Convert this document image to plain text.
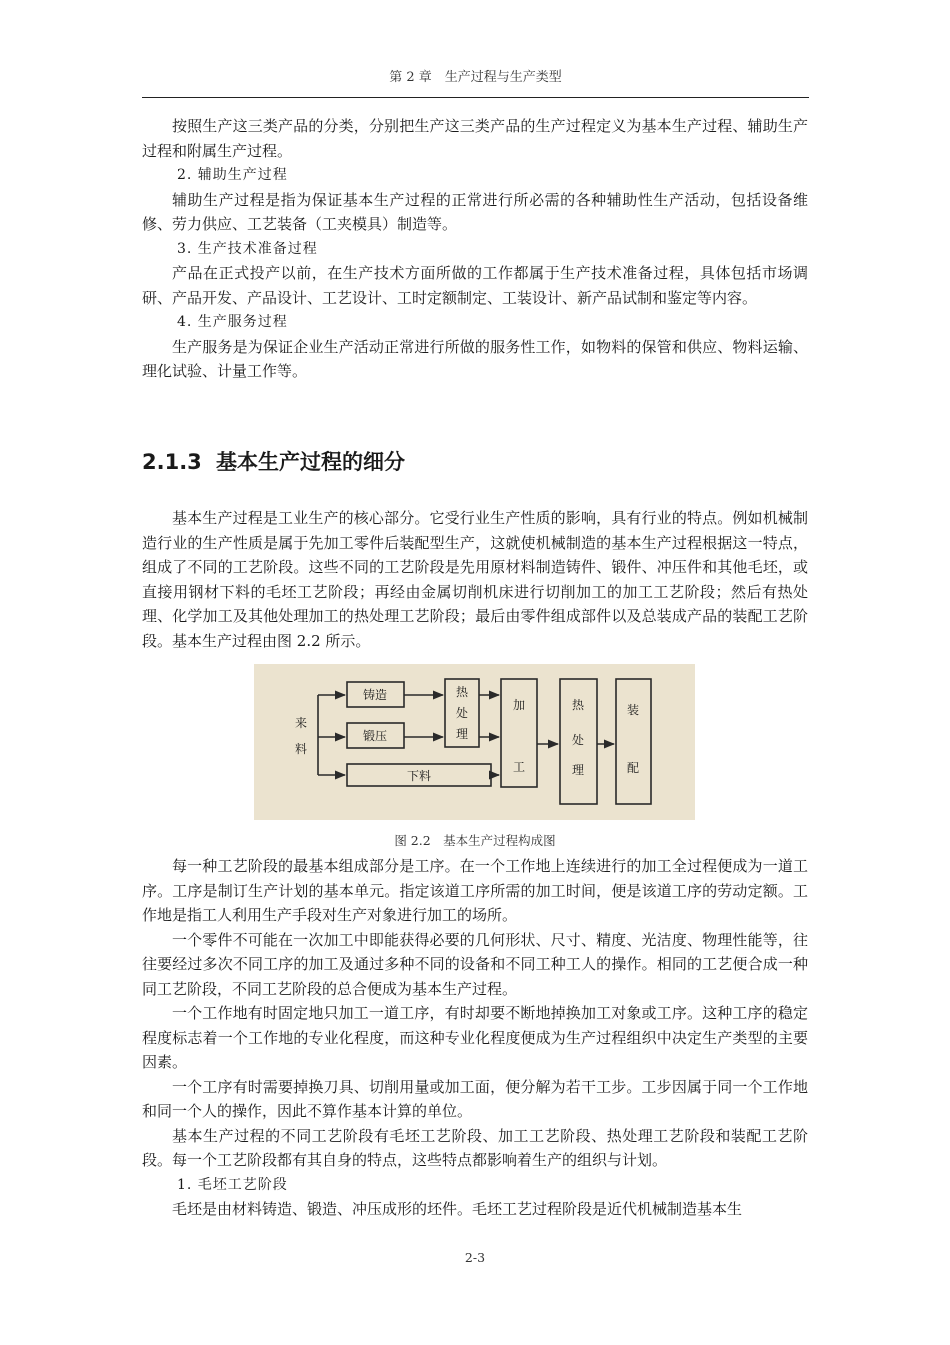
第 2 章　生产过程与生产类型

按照生产这三类产品的分类，分别把生产这三类产品的生产过程定义为基本生产过程、辅助生产过程和附属生产过程。

2. 辅助生产过程

辅助生产过程是指为保证基本生产过程的正常进行所必需的各种辅助性生产活动，包括设备维修、劳力供应、工艺装备（工夹模具）制造等。

3. 生产技术准备过程

产品在正式投产以前，在生产技术方面所做的工作都属于生产技术准备过程，具体包括市场调研、产品开发、产品设计、工艺设计、工时定额制定、工装设计、新产品试制和鉴定等内容。

4. 生产服务过程

生产服务是为保证企业生产活动正常进行所做的服务性工作，如物料的保管和供应、物料运输、理化试验、计量工作等。

2.1.3 基本生产过程的细分

基本生产过程是工业生产的核心部分。它受行业生产性质的影响，具有行业的特点。例如机械制造行业的生产性质是属于先加工零件后装配型生产，这就使机械制造的基本生产过程根据这一特点，组成了不同的工艺阶段。这些不同的工艺阶段是先用原材料制造铸件、锻件、冲压件和其他毛坯，或直接用钢材下料的毛坯工艺阶段；再经由金属切削机床进行切削加工的加工工艺阶段；然后有热处理、化学加工及其他处理加工的热处理工艺阶段；最后由零件组成部件以及总装成产品的装配工艺阶段。基本生产过程由图 2.2 所示。

来
料
铸造
锻压
下料
热
处
理
加
工
热
处
理
装
配
图 2.2　基本生产过程构成图

每一种工艺阶段的最基本组成部分是工序。在一个工作地上连续进行的加工全过程便成为一道工序。工序是制订生产计划的基本单元。指定该道工序所需的加工时间，便是该道工序的劳动定额。工作地是指工人利用生产手段对生产对象进行加工的场所。

一个零件不可能在一次加工中即能获得必要的几何形状、尺寸、精度、光洁度、物理性能等，往往要经过多次不同工序的加工及通过多种不同的设备和不同工种工人的操作。相同的工艺便合成一种同工艺阶段，不同工艺阶段的总合便成为基本生产过程。

一个工作地有时固定地只加工一道工序，有时却要不断地掉换加工对象或工序。这种工序的稳定程度标志着一个工作地的专业化程度，而这种专业化程度便成为生产过程组织中决定生产类型的主要因素。

一个工序有时需要掉换刀具、切削用量或加工面，便分解为若干工步。工步因属于同一个工作地和同一个人的操作，因此不算作基本计算的单位。

基本生产过程的不同工艺阶段有毛坯工艺阶段、加工工艺阶段、热处理工艺阶段和装配工艺阶段。每一个工艺阶段都有其自身的特点，这些特点都影响着生产的组织与计划。

1. 毛坯工艺阶段

毛坯是由材料铸造、锻造、冲压成形的坯件。毛坯工艺过程阶段是近代机械制造基本生

2-3
